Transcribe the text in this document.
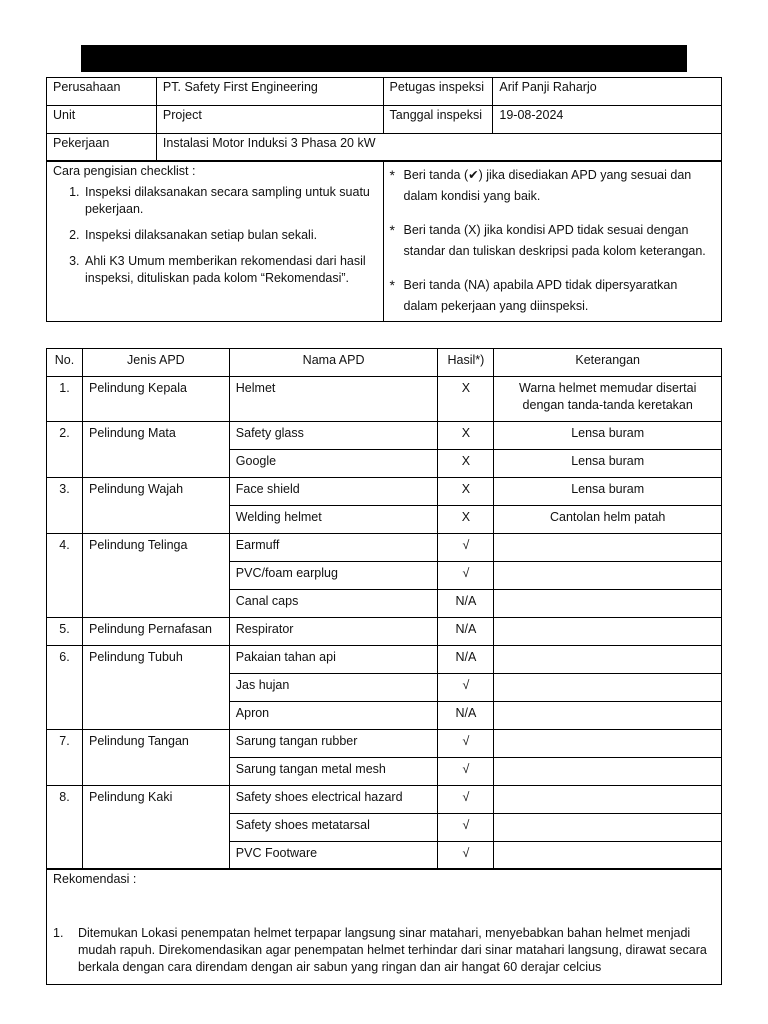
Perusahaan	PT. Safety First Engineering	Petugas inspeksi	Arif Panji Raharjo
Unit	Project	Tanggal inspeksi	19-08-2024
Pekerjaan	Instalasi Motor Induksi 3 Phasa 20 kW		
Cara pengisian checklist :
1. Inspeksi dilaksanakan secara sampling untuk suatu pekerjaan.
2. Inspeksi dilaksanakan setiap bulan sekali.
3. Ahli K3 Umum memberikan rekomendasi dari hasil inspeksi, dituliskan pada kolom “Rekomendasi”.

* Beri tanda (✔) jika disediakan APD yang sesuai dan dalam kondisi yang baik.
* Beri tanda (X) jika kondisi APD tidak sesuai dengan standar dan tuliskan deskripsi pada kolom keterangan.
* Beri tanda (NA) apabila APD tidak dipersyaratkan dalam pekerjaan yang diinspeksi.
No.	Jenis APD	Nama APD	Hasil*)	Keterangan
1.	Pelindung Kepala	Helmet	X	Warna helmet memudar disertai dengan tanda-tanda keretakan
2.	Pelindung Mata	Safety glass	X	Lensa buram
		Google	X	Lensa buram
3.	Pelindung Wajah	Face shield	X	Lensa buram
		Welding helmet	X	Cantolan helm patah
4.	Pelindung Telinga	Earmuff	√	
		PVC/foam earplug	√	
		Canal caps	N/A	
5.	Pelindung Pernafasan	Respirator	N/A	
6.	Pelindung Tubuh	Pakaian tahan api	N/A	
		Jas hujan	√	
		Apron	N/A	
7.	Pelindung Tangan	Sarung tangan rubber	√	
		Sarung tangan metal mesh	√	
8.	Pelindung Kaki	Safety shoes electrical hazard	√	
		Safety shoes metatarsal	√	
		PVC Footware	√	
Rekomendasi :
1. Ditemukan Lokasi penempatan helmet terpapar langsung sinar matahari, menyebabkan bahan helmet menjadi mudah rapuh. Direkomendasikan agar penempatan helmet terhindar dari sinar matahari langsung, dirawat secara berkala dengan cara direndam dengan air sabun yang ringan dan air hangat 60 derajar celcius
